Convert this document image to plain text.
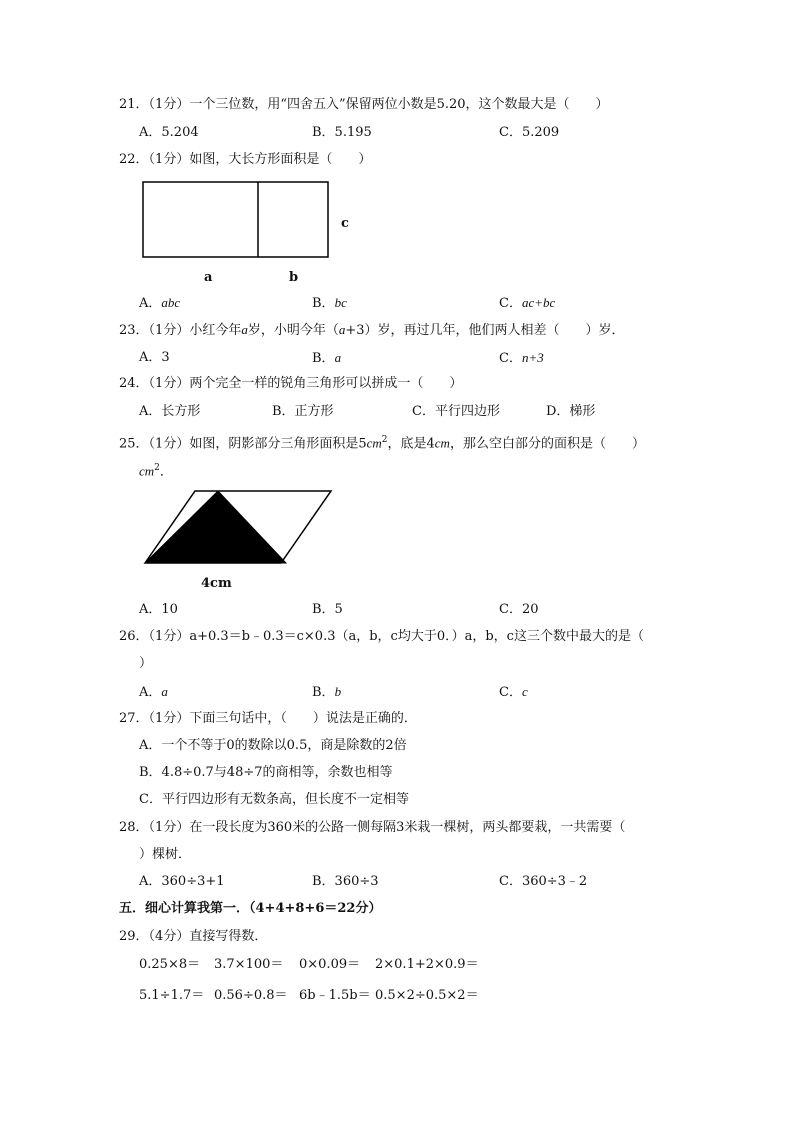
21．（1分）一个三位数，用“四舍五入”保留两位小数是5.20，这个数最大是（　　）
A．5.204	B．5.195	C．5.209
22．（1分）如图，大长方形面积是（　　）
c
a	b
A．abc	B．bc	C．ac+bc
23．（1分）小红今年a岁，小明今年（a+3）岁，再过几年，他们两人相差（　　）岁．
A．3	B．a	C．n+3
24．（1分）两个完全一样的锐角三角形可以拼成一（　　）
A．长方形	B．正方形	C．平行四边形	D．梯形
25．（1分）如图，阴影部分三角形面积是$5cm^2$，底是4cm，那么空白部分的面积是（　　）
$cm^2$．
4cm
A．10	B．5	C．20
26．（1分）a+0.3＝b﹣0.3＝c×0.3（a，b，c均大于0．）a，b，c这三个数中最大的是（
）
A．a	B．b	C．c
27．（1分）下面三句话中，（　　）说法是正确的．
A．一个不等于0的数除以0.5，商是除数的2倍
B．4.8÷0.7与48÷7的商相等，余数也相等
C．平行四边形有无数条高，但长度不一定相等
28．（1分）在一段长度为360米的公路一侧每隔3米栽一棵树，两头都要栽，一共需要（
）棵树．
A．360÷3+1	B．360÷3	C．360÷3﹣2
五．细心计算我第一．（4+4+8+6＝22分）
29．（4分）直接写得数．
0.25×8＝ 3.7×100＝ 0×0.09＝ 2×0.1+2×0.9＝
5.1÷1.7＝ 0.56÷0.8＝ 6b﹣1.5b＝ 0.5×2÷0.5×2＝
